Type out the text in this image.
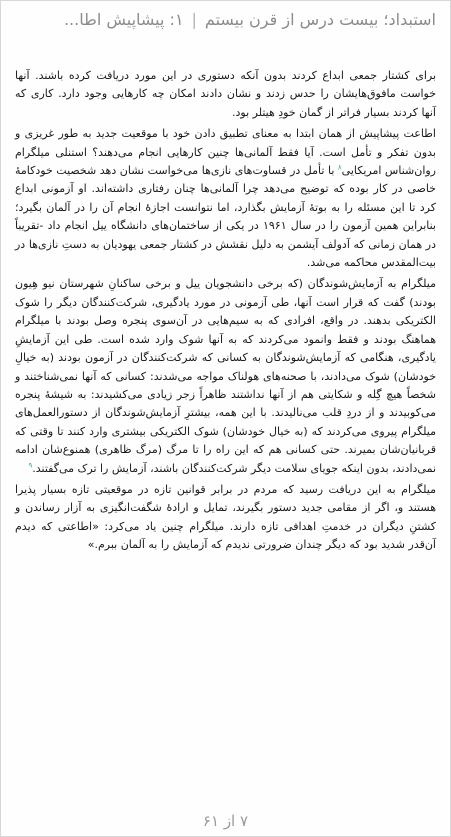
استبداد؛ بیست درس از قرن بیستم|۱: پیشاپیش اطا...

برای کشتار جمعی ابداع کردند بدون آنکه دستوری در این مورد دریافت کرده باشند. آنها خواست مافوق‌هایشان را حدس زدند و نشان دادند امکان چه کارهایی وجود دارد. کاری که آنها کردند بسیار فراتر از گمان خودِ هیتلر بود.

اطاعت پیشاپیش از همان ابتدا به معنای تطبیق دادن خود با موقعیت جدید به طور غریزی و بدون تفکر و تأمل است. آیا فقط آلمانی‌ها چنین کارهایی انجام می‌دهند؟ استنلی میلگرام روان‌شناس امریکایی$^۸$ با تأمل در قساوت‌های نازی‌ها می‌خواست نشان دهد شخصیت خودکامهٔ خاصی در کار بوده که توضیح می‌دهد چرا آلمانی‌ها چنان رفتاری داشته‌اند. او آزمونی ابداع کرد تا این مسئله را به بوتهٔ آزمایش بگذارد، اما نتوانست اجازهٔ انجام آن را در آلمان بگیرد؛ بنابراین همین آزمون را در سال ۱۹۶۱ در یکی از ساختمان‌های دانشگاه ییل انجام داد -تقریباً در همان زمانی که آدولف آیشمن به دلیل نقشش در کشتار جمعی یهودیان به دستِ نازی‌ها در بیت‌المقدس محاکمه می‌شد.

میلگرام به آزمایش‌شوندگان (که برخی دانشجویان ییل و برخی ساکنانِ شهرستان نیو هِیون بودند) گفت که قرار است آنها، طی آزمونی در مورد یادگیری، شرکت‌کنندگان دیگر را شوک الکتریکی بدهند. در واقع، افرادی که به سیم‌هایی در آن‌سوی پنجره وصل بودند با میلگرام هماهنگ بودند و فقط وانمود می‌کردند که به آنها شوک وارد شده است. طی این آزمایشِ یادگیری، هنگامی که آزمایش‌شوندگان به کسانی که شرکت‌کنندگان در آزمون بودند (به خیالِ خودشان) شوک می‌دادند، با صحنه‌های هولناک مواجه می‌شدند: کسانی که آنها نمی‌شناختند و شخصاً هیچ گِله و شکایتی هم از آنها نداشتند ظاهراً زجر زیادی می‌کشیدند: به شیشهٔ پنجره می‌کوبیدند و از دردِ قلب می‌نالیدند. با این همه، بیشترِ آزمایش‌شوندگان از دستورالعمل‌های میلگرام پیروی می‌کردند که (به خیال خودشان) شوک الکتریکی بیشتری وارد کنند تا وقتی که قربانیان‌شان بمیرند. حتی کسانی هم که این راه را تا مرگ (مرگ ظاهری) همنوع‌شان ادامه نمی‌دادند، بدون اینکه جویای سلامت دیگر شرکت‌کنندگان باشند، آزمایش را ترک می‌گفتند.$^۹$

میلگرام به این دریافت رسید که مردم در برابر قوانین تازه در موقعیتی تازه بسیار پذیرا هستند و، اگر از مقامی جدید دستور بگیرند، تمایل و ارادهٔ شگفت‌انگیزی به آزار رساندن و کشتنِ دیگران در خدمتِ اهدافی تازه دارند. میلگرام چنین یاد می‌کرد: «اطاعتی که دیدم آن‌قدر شدید بود که دیگر چندان ضرورتی ندیدم که آزمایش را به آلمان ببرم.»

۷ از ۶۱
